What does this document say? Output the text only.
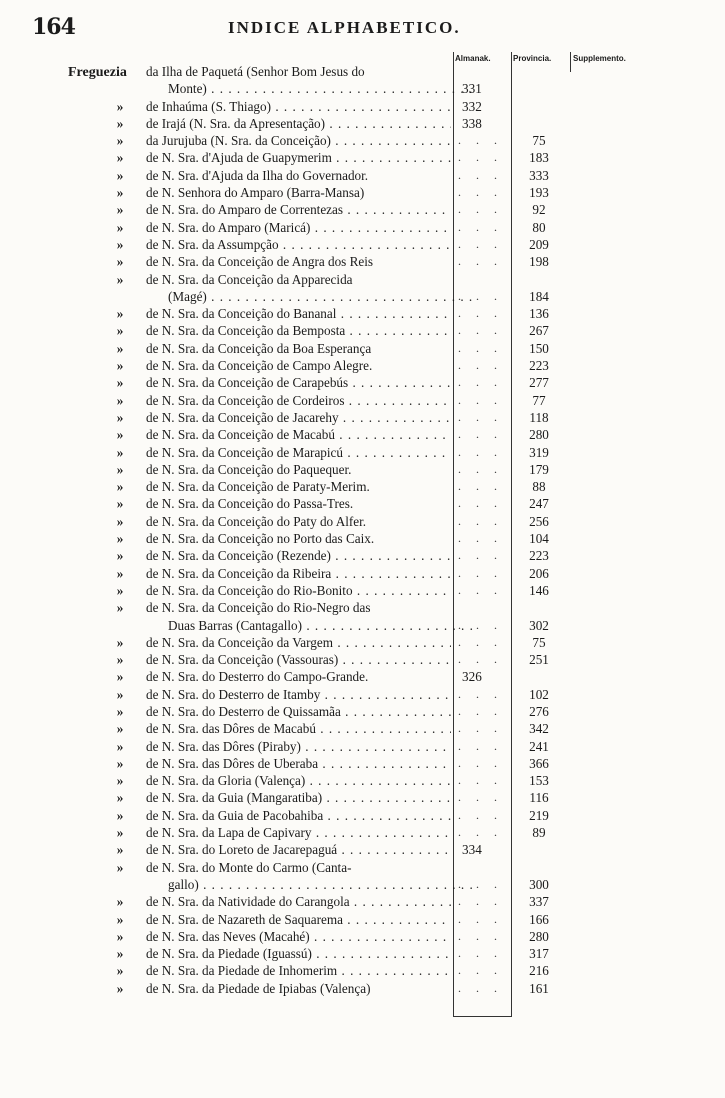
164	INDICE ALPHABETICO.
Almanak.	Provincia.	Supplemento.
Freguezia da Ilha de Paquetá (Senhor Bom Jesus do
Monte) . . .	331
» de Inhaúma (S. Thiago) . . .	332
» de Irajá (N. Sra. da Apresentação) . . .	338
» da Jurujuba (N. Sra. da Conceição) . . .	. . .	75
» de N. Sra. d'Ajuda de Guapymerim . . .	. . .	183
» de N. Sra. d'Ajuda da Ilha do Governador.	. . .	333
» de N. Senhora do Amparo (Barra-Mansa)	. . .	193
» de N. Sra. do Amparo de Correntezas . . .	. . .	92
» de N. Sra. do Amparo (Maricá) . . .	. . .	80
» de N. Sra. da Assumpção . . .	. . .	209
» de N. Sra. da Conceição de Angra dos Reis	. . .	198
» de N. Sra. da Conceição da Apparecida
(Magé) . . .	. . .	184
» de N. Sra. da Conceição do Bananal . . .	. . .	136
» de N. Sra. da Conceição da Bemposta . . .	. . .	267
» de N. Sra. da Conceição da Boa Esperança	. . .	150
» de N. Sra. da Conceição de Campo Alegre.	. . .	223
» de N. Sra. da Conceição de Carapebús . . .	. . .	277
» de N. Sra. da Conceição de Cordeiros . . .	. . .	77
» de N. Sra. da Conceição de Jacarehy . . .	. . .	118
» de N. Sra. da Conceição de Macabú . . .	. . .	280
» de N. Sra. da Conceição de Marapicú . . .	. . .	319
» de N. Sra. da Conceição do Paquequer.	. . .	179
» de N. Sra. da Conceição de Paraty-Merim.	. . .	88
» de N. Sra. da Conceição do Passa-Tres.	. . .	247
» de N. Sra. da Conceição do Paty do Alfer.	. . .	256
» de N. Sra. da Conceição no Porto das Caix.	. . .	104
» de N. Sra. da Conceição (Rezende) . . .	. . .	223
» de N. Sra. da Conceição da Ribeira . . .	. . .	206
» de N. Sra. da Conceição do Rio-Bonito . . .	. . .	146
» de N. Sra. da Conceição do Rio-Negro das
Duas Barras (Cantagallo) . . .	. . .	302
» de N. Sra. da Conceição da Vargem . . .	. . .	75
» de N. Sra. da Conceição (Vassouras) . . .	. . .	251
» de N. Sra. do Desterro do Campo-Grande.	326
» de N. Sra. do Desterro de Itamby . . .	. . .	102
» de N. Sra. do Desterro de Quissamãa . . .	. . .	276
» de N. Sra. das Dôres de Macabú . . .	. . .	342
» de N. Sra. das Dôres (Piraby) . . .	. . .	241
» de N. Sra. das Dôres de Uberaba . . .	. . .	366
» de N. Sra. da Gloria (Valença) . . .	. . .	153
» de N. Sra. da Guia (Mangaratiba) . . .	. . .	116
» de N. Sra. da Guia de Pacobahiba . . .	. . .	219
» de N. Sra. da Lapa de Capivary . . .	. . .	89
» de N. Sra. do Loreto de Jacarepaguá . . .	334
» de N. Sra. do Monte do Carmo (Canta-
gallo) . . .	. . .	300
» de N. Sra. da Natividade do Carangola . . .	. . .	337
» de N. Sra. de Nazareth de Saquarema . . .	. . .	166
» de N. Sra. das Neves (Macahé) . . .	. . .	280
» de N. Sra. da Piedade (Iguassú) . . .	. . .	317
» de N. Sra. da Piedade de Inhomerim . . .	. . .	216
» de N. Sra. da Piedade de Ipiabas (Valença)	. . .	161
